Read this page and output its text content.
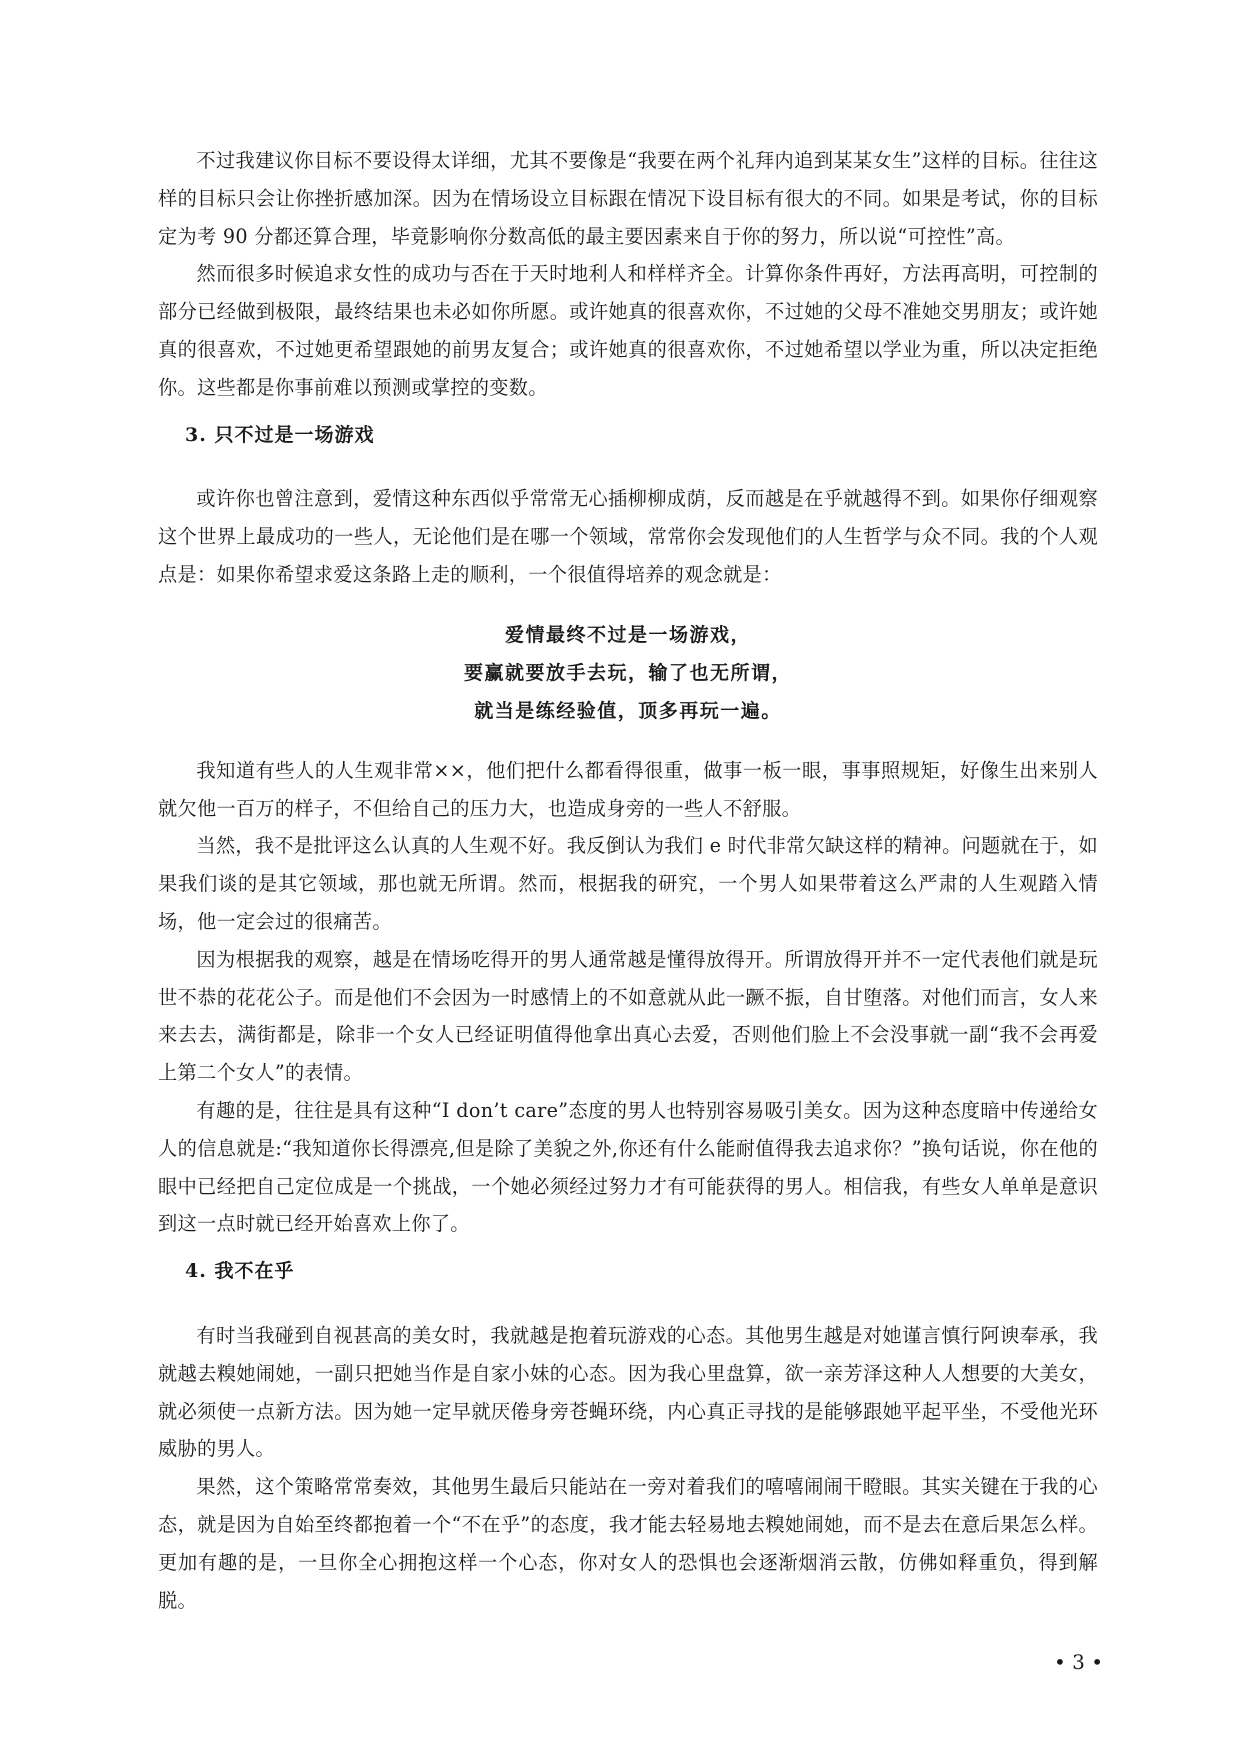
不过我建议你目标不要设得太详细，尤其不要像是“我要在两个礼拜内追到某某女生”这样的目标。往往这样的目标只会让你挫折感加深。因为在情场设立目标跟在情况下设目标有很大的不同。如果是考试，你的目标定为考 90 分都还算合理，毕竟影响你分数高低的最主要因素来自于你的努力，所以说“可控性”高。

然而很多时候追求女性的成功与否在于天时地利人和样样齐全。计算你条件再好，方法再高明，可控制的部分已经做到极限，最终结果也未必如你所愿。或许她真的很喜欢你，不过她的父母不准她交男朋友；或许她真的很喜欢，不过她更希望跟她的前男友复合；或许她真的很喜欢你，不过她希望以学业为重，所以决定拒绝你。这些都是你事前难以预测或掌控的变数。

3. 只不过是一场游戏

或许你也曾注意到，爱情这种东西似乎常常无心插柳柳成荫，反而越是在乎就越得不到。如果你仔细观察这个世界上最成功的一些人，无论他们是在哪一个领域，常常你会发现他们的人生哲学与众不同。我的个人观点是：如果你希望求爱这条路上走的顺利，一个很值得培养的观念就是：

爱情最终不过是一场游戏，
要赢就要放手去玩，输了也无所谓，
就当是练经验值，顶多再玩一遍。

我知道有些人的人生观非常××，他们把什么都看得很重，做事一板一眼，事事照规矩，好像生出来别人就欠他一百万的样子，不但给自己的压力大，也造成身旁的一些人不舒服。

当然，我不是批评这么认真的人生观不好。我反倒认为我们 e 时代非常欠缺这样的精神。问题就在于，如果我们谈的是其它领域，那也就无所谓。然而，根据我的研究，一个男人如果带着这么严肃的人生观踏入情场，他一定会过的很痛苦。

因为根据我的观察，越是在情场吃得开的男人通常越是懂得放得开。所谓放得开并不一定代表他们就是玩世不恭的花花公子。而是他们不会因为一时感情上的不如意就从此一蹶不振，自甘堕落。对他们而言，女人来来去去，满街都是，除非一个女人已经证明值得他拿出真心去爱，否则他们脸上不会没事就一副“我不会再爱上第二个女人”的表情。

有趣的是，往往是具有这种“I don’t care”态度的男人也特别容易吸引美女。因为这种态度暗中传递给女人的信息就是:“我知道你长得漂亮,但是除了美貌之外,你还有什么能耐值得我去追求你？”换句话说，你在他的眼中已经把自己定位成是一个挑战，一个她必须经过努力才有可能获得的男人。相信我，有些女人单单是意识到这一点时就已经开始喜欢上你了。

4. 我不在乎

有时当我碰到自视甚高的美女时，我就越是抱着玩游戏的心态。其他男生越是对她谨言慎行阿谀奉承，我就越去糗她闹她，一副只把她当作是自家小妹的心态。因为我心里盘算，欲一亲芳泽这种人人想要的大美女，就必须使一点新方法。因为她一定早就厌倦身旁苍蝇环绕，内心真正寻找的是能够跟她平起平坐，不受他光环威胁的男人。

果然，这个策略常常奏效，其他男生最后只能站在一旁对着我们的嘻嘻闹闹干瞪眼。其实关键在于我的心态，就是因为自始至终都抱着一个“不在乎”的态度，我才能去轻易地去糗她闹她，而不是去在意后果怎么样。更加有趣的是，一旦你全心拥抱这样一个心态，你对女人的恐惧也会逐渐烟消云散，仿佛如释重负，得到解脱。

• 3 •
